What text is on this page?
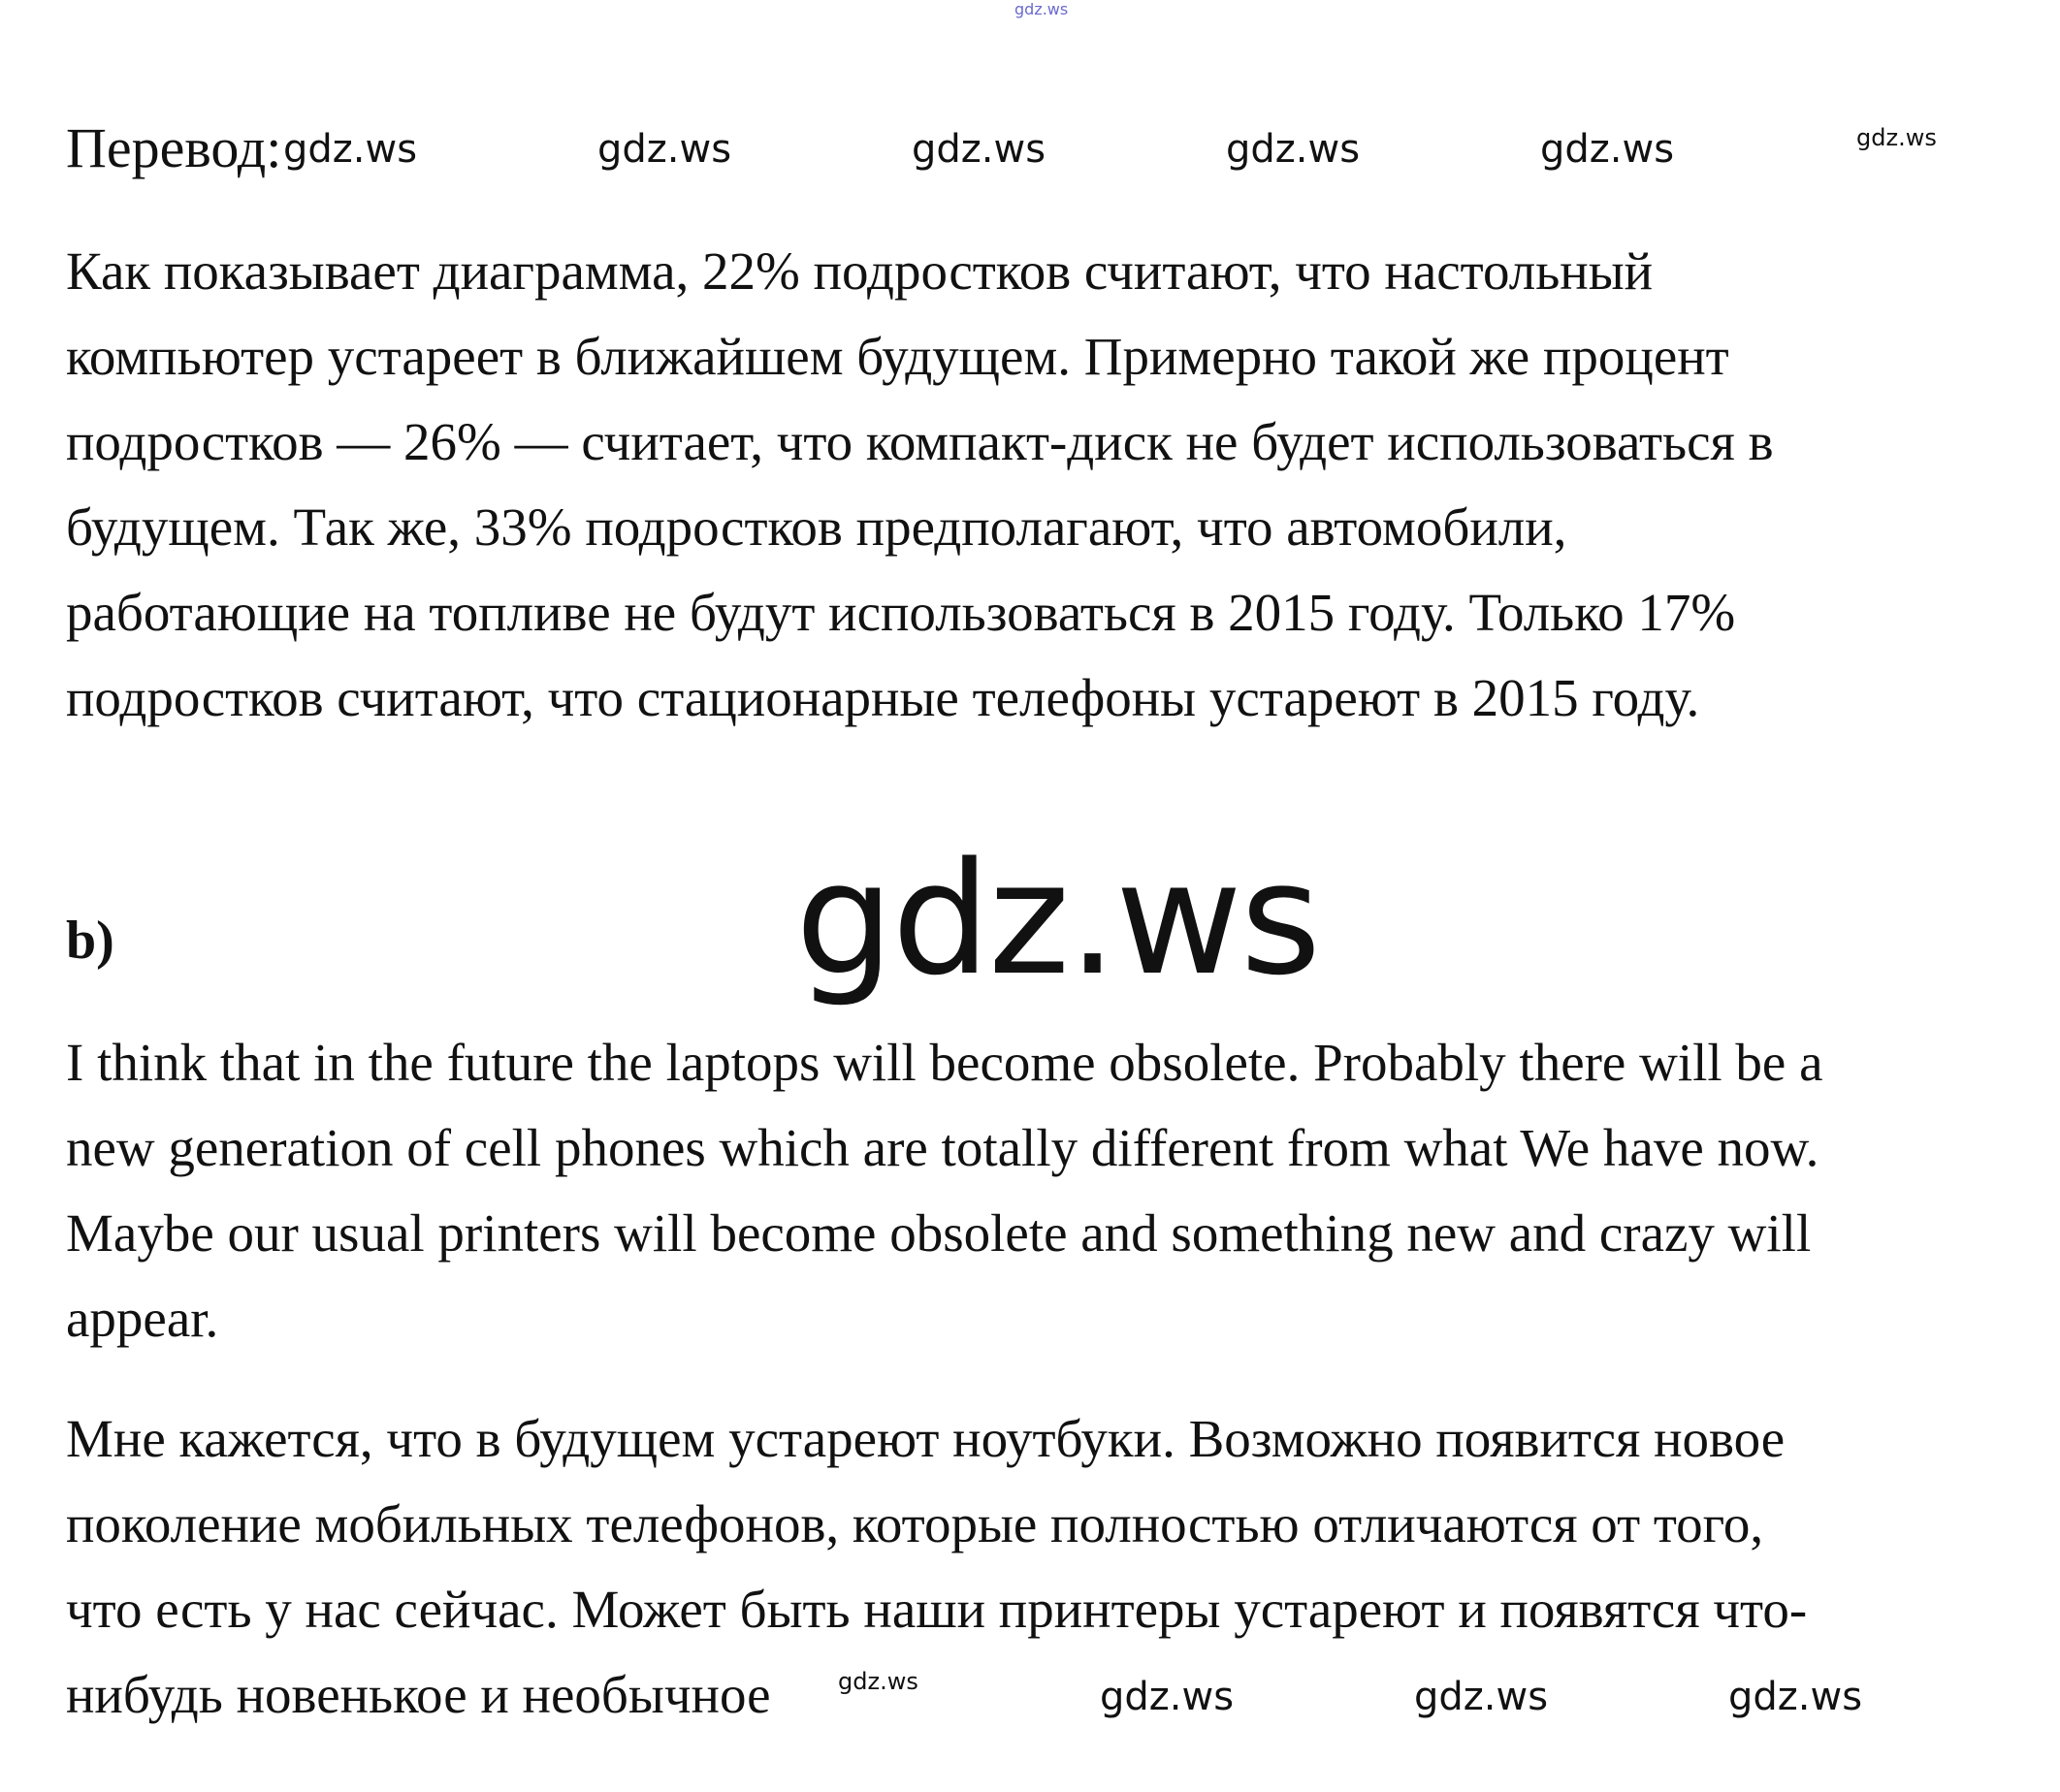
gdz.ws
Перевод: gdz.ws	gdz.ws	gdz.ws	gdz.ws	gdz.ws	gdz.ws

Как показывает диаграмма, 22% подростков считают, что настольный
компьютер устареет в ближайшем будущем. Примерно такой же процент
подростков — 26% — считает, что компакт-диск не будет использоваться в
будущем. Так же, 33% подростков предполагают, что автомобили,
работающие на топливе не будут использоваться в 2015 году. Только 17%
подростков считают, что стационарные телефоны устареют в 2015 году.

b)	gdz.ws

I think that in the future the laptops will become obsolete. Probably there will be a
new generation of cell phones which are totally different from what We have now.
Maybe our usual printers will become obsolete and something new and crazy will
appear.

Мне кажется, что в будущем устареют ноутбуки. Возможно появится новое
поколение мобильных телефонов, которые полностью отличаются от того,
что есть у нас сейчас. Может быть наши принтеры устареют и появятся что-
нибудь новенькое и необычное	gdz.ws	gdz.ws	gdz.ws	gdz.ws
